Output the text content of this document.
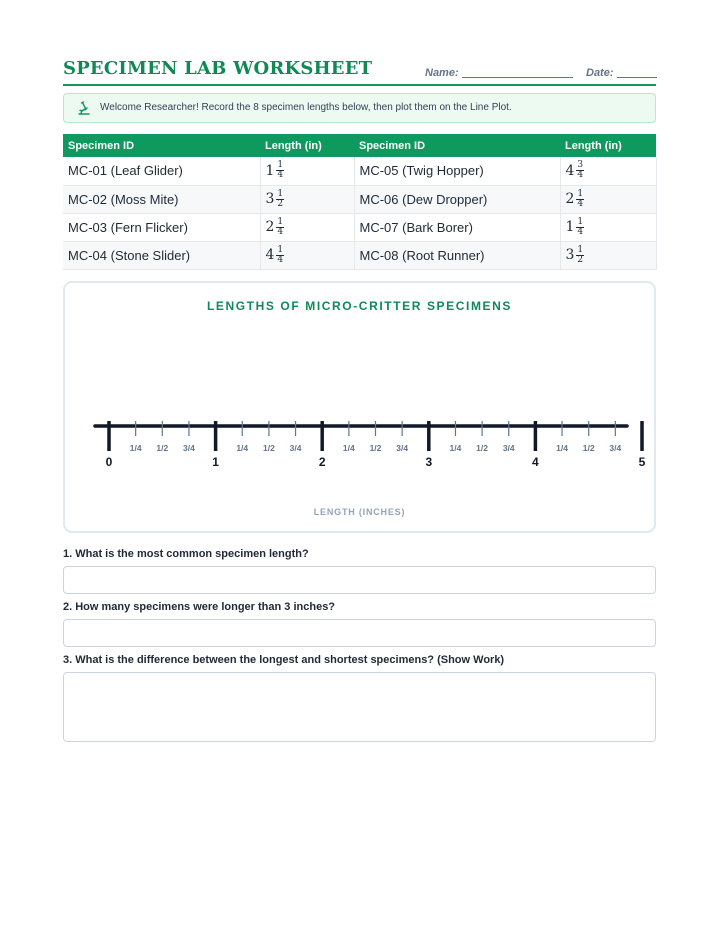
SPECIMEN LAB WORKSHEET	Name:	Date:
Welcome Researcher! Record the 8 specimen lengths below, then plot them on the Line Plot.
Specimen ID	Length (in)	Specimen ID	Length (in)
MC-01 (Leaf Glider)	$1 \frac{1}{4}$	MC-05 (Twig Hopper)	$4 \frac{3}{4}$

MC-02 (Moss Mite)	$3 \frac{1}{2}$	MC-06 (Dew Dropper)	$2 \frac{1}{4}$

MC-03 (Fern Flicker)	$2 \frac{1}{4}$	MC-07 (Bark Borer)	$1 \frac{1}{4}$

MC-04 (Stone Slider)	$4 \frac{1}{4}$	MC-08 (Root Runner)	$3 \frac{1}{2}$
LENGTHS OF MICRO-CRITTER SPECIMENS
0
1/4 1/2 3/4
1
1/4 1/2 3/4
2
1/4 1/2 3/4
3
1/4 1/2 3/4
4
1/4 1/2 3/4
5
LENGTH (INCHES)
1. What is the most common specimen length?
2. How many specimens were longer than 3 inches?
3. What is the difference between the longest and shortest specimens? (Show Work)
